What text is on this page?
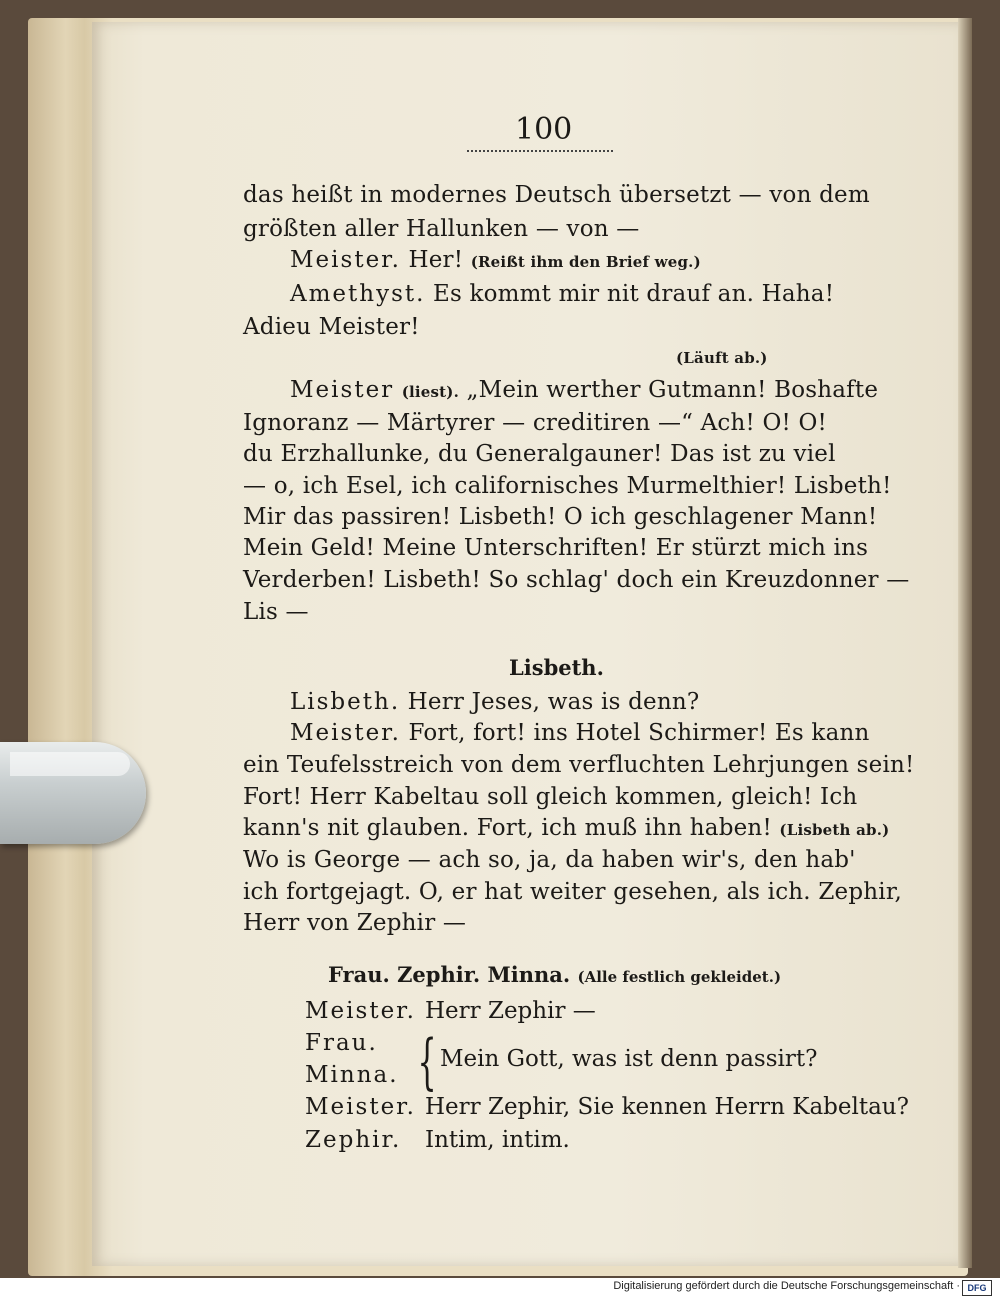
100
das heißt in modernes Deutsch übersetzt — von dem
größten aller Hallunken — von —
Meister. Her! (Reißt ihm den Brief weg.)
Amethyst. Es kommt mir nit drauf an. Haha!
Adieu Meister!
(Läuft ab.)
Meister (liest). „Mein werther Gutmann! Boshafte
Ignoranz — Märtyrer — creditiren —“ Ach! O! O!
du Erzhallunke, du Generalgauner! Das ist zu viel
— o, ich Esel, ich californisches Murmelthier! Lisbeth!
Mir das passiren! Lisbeth! O ich geschlagener Mann!
Mein Geld! Meine Unterschriften! Er stürzt mich ins
Verderben! Lisbeth! So schlag' doch ein Kreuzdonner —
Lis —
Lisbeth.
Lisbeth. Herr Jeses, was is denn?
Meister. Fort, fort! ins Hotel Schirmer! Es kann
ein Teufelsstreich von dem verfluchten Lehrjungen sein!
Fort! Herr Kabeltau soll gleich kommen, gleich! Ich
kann's nit glauben. Fort, ich muß ihn haben! (Lisbeth ab.)
Wo is George — ach so, ja, da haben wir's, den hab'
ich fortgejagt. O, er hat weiter gesehen, als ich. Zephir,
Herr von Zephir —
Frau. Zephir. Minna. (Alle festlich gekleidet.)
Meister. Herr Zephir —
Frau.
Minna. { Mein Gott, was ist denn passirt?
Meister. Herr Zephir, Sie kennen Herrn Kabeltau?
Zephir. Intim, intim.
Digitalisierung gefördert durch die Deutsche Forschungsgemeinschaft · DFG
